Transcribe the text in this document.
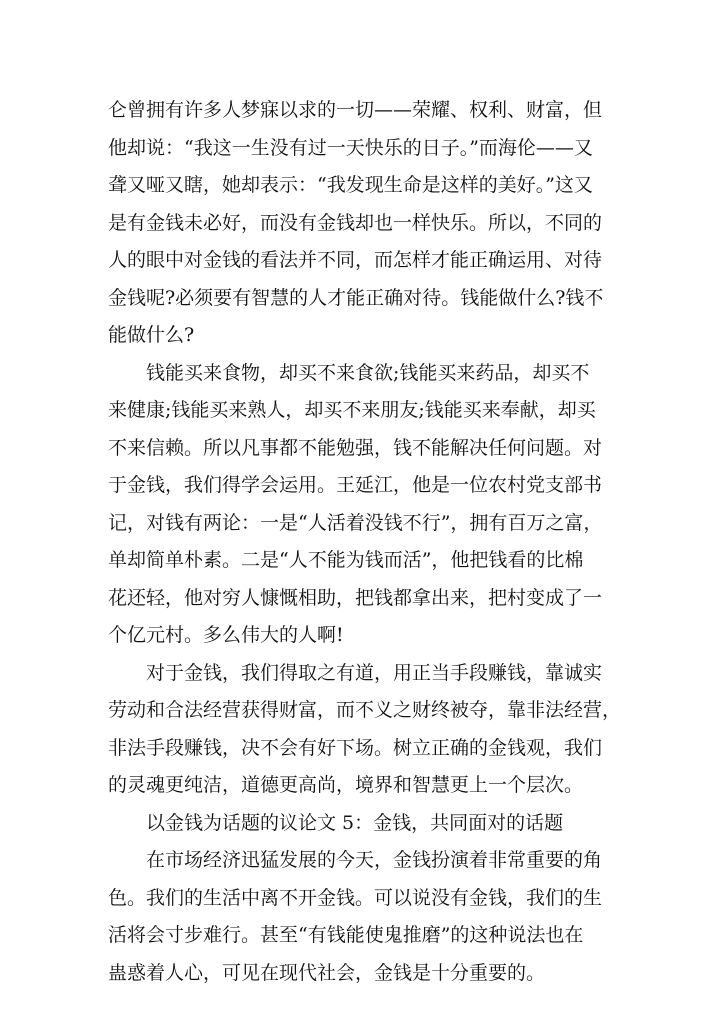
仑曾拥有许多人梦寐以求的一切——荣耀、权利、财富，但
他却说：“我这一生没有过一天快乐的日子。”而海伦——又
聋又哑又瞎，她却表示：“我发现生命是这样的美好。”这又
是有金钱未必好，而没有金钱却也一样快乐。所以，不同的
人的眼中对金钱的看法并不同，而怎样才能正确运用、对待
金钱呢?必须要有智慧的人才能正确对待。钱能做什么?钱不
能做什么?
钱能买来食物，却买不来食欲;钱能买来药品，却买不
来健康;钱能买来熟人，却买不来朋友;钱能买来奉献，却买
不来信赖。所以凡事都不能勉强，钱不能解决任何问题。对
于金钱，我们得学会运用。王延江，他是一位农村党支部书
记，对钱有两论：一是“人活着没钱不行”，拥有百万之富，
单却简单朴素。二是“人不能为钱而活”，他把钱看的比棉
花还轻，他对穷人慷慨相助，把钱都拿出来，把村变成了一
个亿元村。多么伟大的人啊!
对于金钱，我们得取之有道，用正当手段赚钱，靠诚实
劳动和合法经营获得财富，而不义之财终被夺，靠非法经营，
非法手段赚钱，决不会有好下场。树立正确的金钱观，我们
的灵魂更纯洁，道德更高尚，境界和智慧更上一个层次。
以金钱为话题的议论文 5：金钱，共同面对的话题
在市场经济迅猛发展的今天，金钱扮演着非常重要的角
色。我们的生活中离不开金钱。可以说没有金钱，我们的生
活将会寸步难行。甚至“有钱能使鬼推磨”的这种说法也在
蛊惑着人心，可见在现代社会，金钱是十分重要的。
